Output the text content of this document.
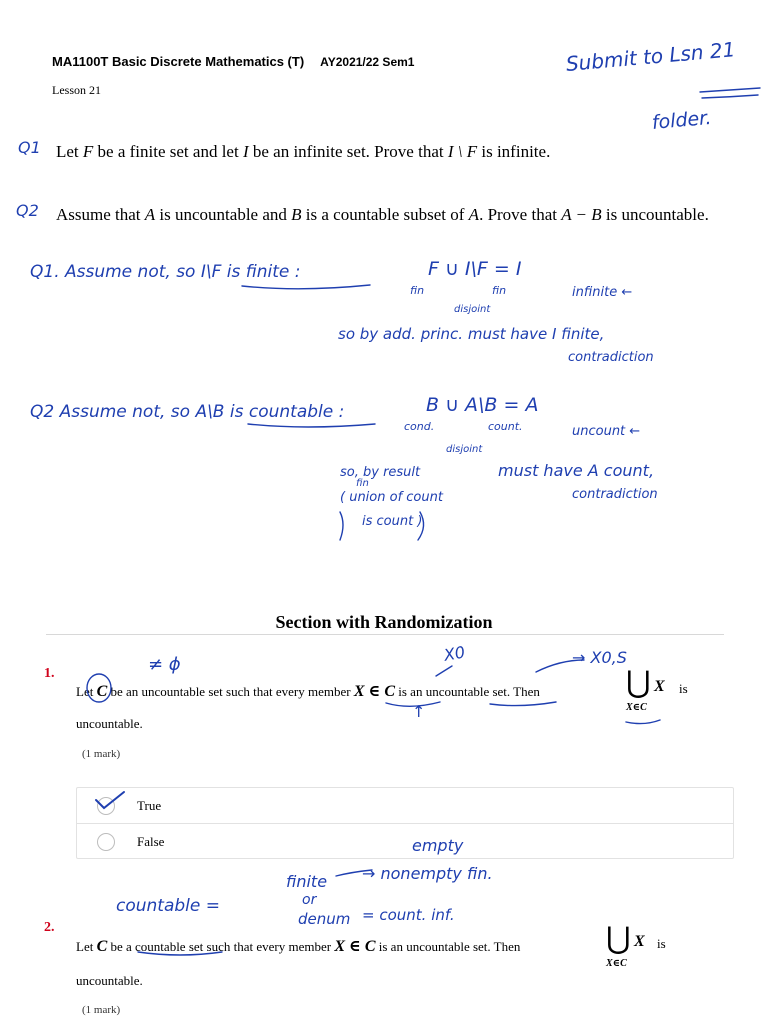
MA1100T Basic Discrete Mathematics (T) AY2021/22 Sem1
Lesson 21
Let F be a finite set and let I be an infinite set. Prove that I \ F is infinite.
Assume that A is uncountable and B is a countable subset of A. Prove that A − B is uncountable.
Submit to Lsn 21
folder.
Q1
Q2
Q1. Assume not, so I\F is finite :	F ∪ I\F = I
fin	fin
disjoint
infinite ←
so by add. princ. must have I finite,
contradiction
Q2 Assume not, so A\B is countable :	B ∪ A\B = A
cond.	count.
disjoint
uncount ←
so, by result
fin
( union of count
is count )
must have A count,
contradiction
Section with Randomization
1.
Let C be an uncountable set such that every member X ∈ C is an uncountable set. Then	⋃
X∈C
X is
uncountable.
(1 mark)
True
False
≠ ϕ	X0	→ X0,S
↑
countable =
finite
or
denum = count. inf.
empty
→ nonempty fin.
2.
Let C be a countable set such that every member X ∈ C is an uncountable set. Then	⋃
X∈C
X is
uncountable.
(1 mark)
